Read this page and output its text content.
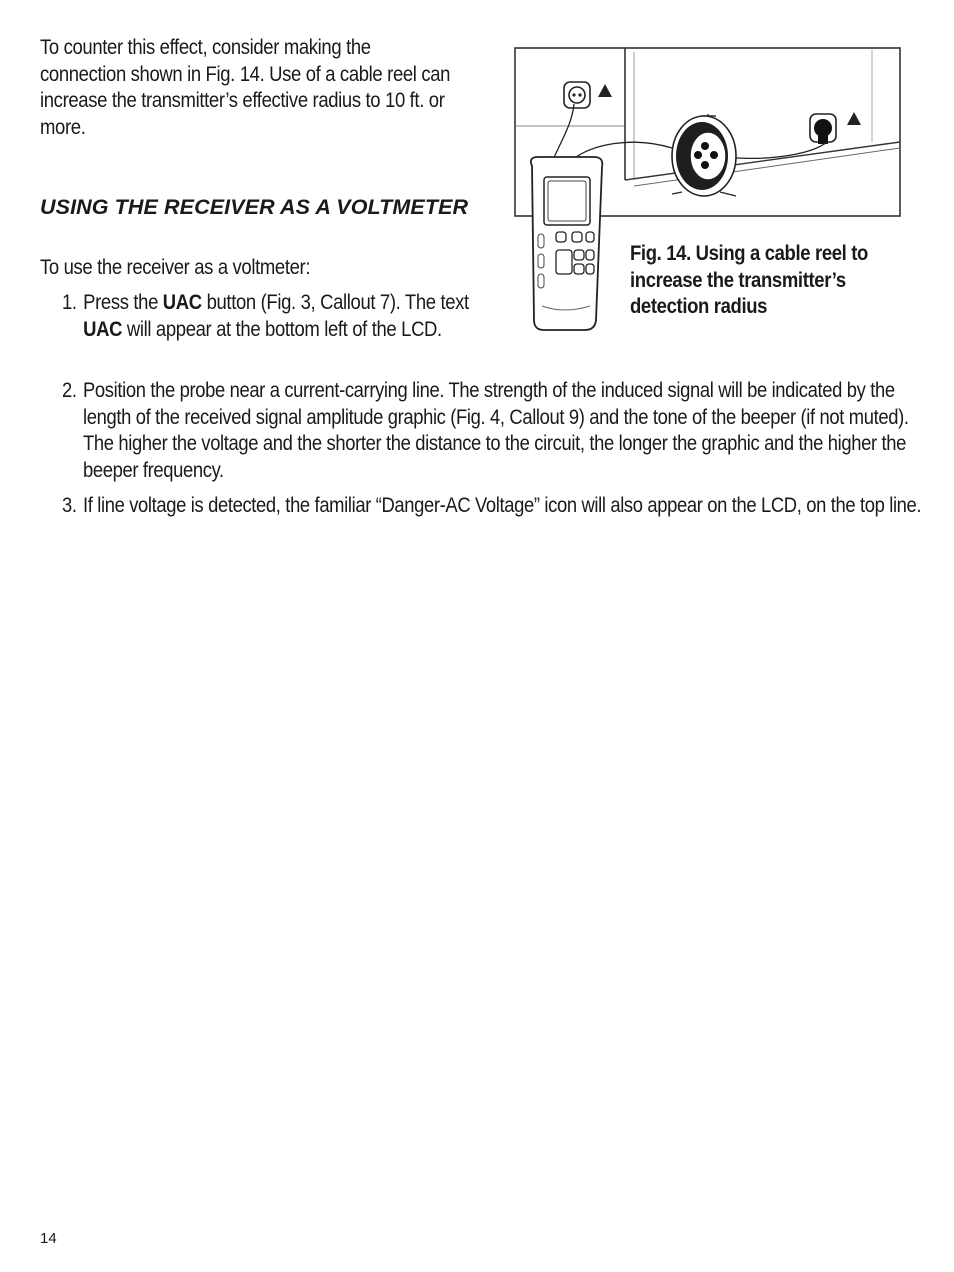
To counter this effect, consider making the connection shown in Fig. 14. Use of a cable reel can increase the transmitter’s effective radius to 10 ft. or more.
USING THE RECEIVER AS A VOLTMETER
To use the receiver as a voltmeter:
1. Press the UAC button (Fig. 3, Callout 7). The text UAC will appear at the bottom left of the LCD.
2. Position the probe near a current-carrying line. The strength of the induced signal will be indicated by the length of the received signal amplitude graphic (Fig. 4, Callout 9) and the tone of the beeper (if not muted). The higher the voltage and the shorter the distance to the circuit, the longer the graphic and the higher the beeper frequency.
3. If line voltage is detected, the familiar “Danger-AC Voltage” icon will also appear on the LCD, on the top line.
Fig. 14. Using a cable reel to increase the transmitter’s detection radius
14
